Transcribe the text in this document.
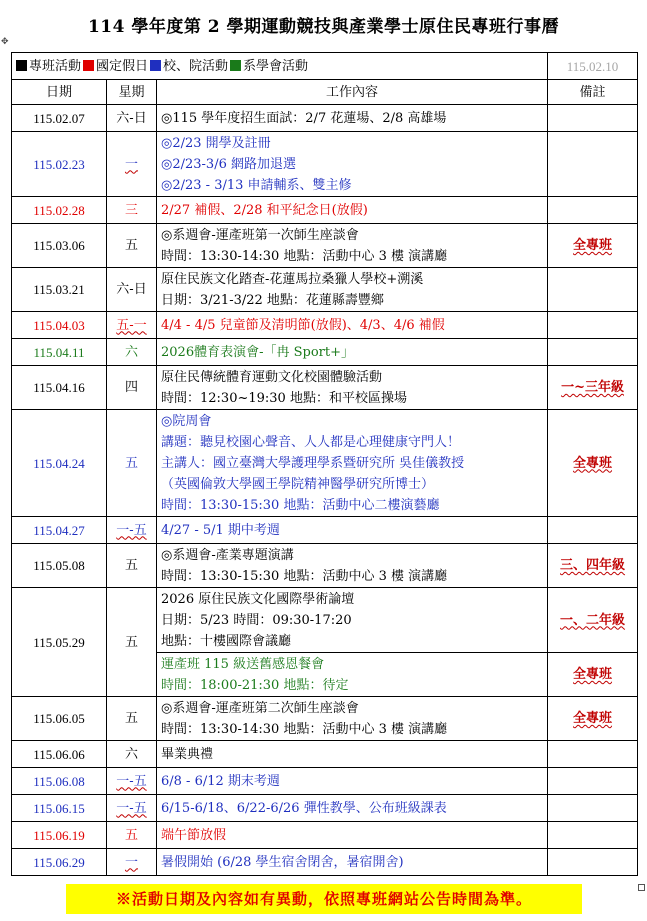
114 學年度第 2 學期運動競技與產業學士原住民專班行事曆
✥
專班活動 國定假日 校、院活動 系學會活動			115.02.10
日期	星期	工作內容	備註
115.02.07	六-日	◎115 學年度招生面試：2/7 花蓮場、2/8 高雄場	

115.02.23	一	◎2/23 開學及註冊
◎2/23-3/6 網路加退選
◎2/23 - 3/13 申請輔系、雙主修	

115.02.28	三	2/27 補假、2/28 和平紀念日(放假)	

115.03.06	五	◎系週會-運產班第一次師生座談會
時間：13:30-14:30 地點：活動中心 3 樓 演講廳	全專班
115.03.21	六-日	原住民族文化踏查-花蓮馬拉桑獵人學校+溯溪
日期：3/21-3/22 地點：花蓮縣壽豐鄉	

115.04.03	五-一	4/4 - 4/5 兒童節及清明節(放假)、4/3、4/6 補假	

115.04.11	六	2026體育表演會-「冉 Sport+」	

115.04.16	四	原住民傳統體育運動文化校園體驗活動
時間：12:30~19:30 地點：和平校區操場	一~三年級
115.04.24	五	◎院周會
講題：聽見校園心聲音、人人都是心理健康守門人！
主講人：國立臺灣大學護理學系暨研究所 吳佳儀教授
（英國倫敦大學國王學院精神醫學研究所博士）
時間：13:30-15:30 地點：活動中心二樓演藝廳	全專班
115.04.27	一-五	4/27 - 5/1 期中考週	

115.05.08	五	◎系週會-產業專題演講
時間：13:30-15:30 地點：活動中心 3 樓 演講廳	三、四年級
115.05.29	五	2026 原住民族文化國際學術論壇
日期：5/23 時間：09:30-17:20
地點：十樓國際會議廳	一、二年級

		運產班 115 級送舊感恩餐會
時間：18:00-21:30 地點：待定	全專班
115.06.05	五	◎系週會-運產班第二次師生座談會
時間：13:30-14:30 地點：活動中心 3 樓 演講廳	全專班
115.06.06	六	畢業典禮	

115.06.08	一-五	6/8 - 6/12 期末考週	

115.06.15	一-五	6/15-6/18、6/22-6/26 彈性教學、公布班級課表	

115.06.19	五	端午節放假	

115.06.29	一	暑假開始 (6/28 學生宿舍閉舍，暑宿開舍)	

※活動日期及內容如有異動，依照專班網站公告時間為準。
